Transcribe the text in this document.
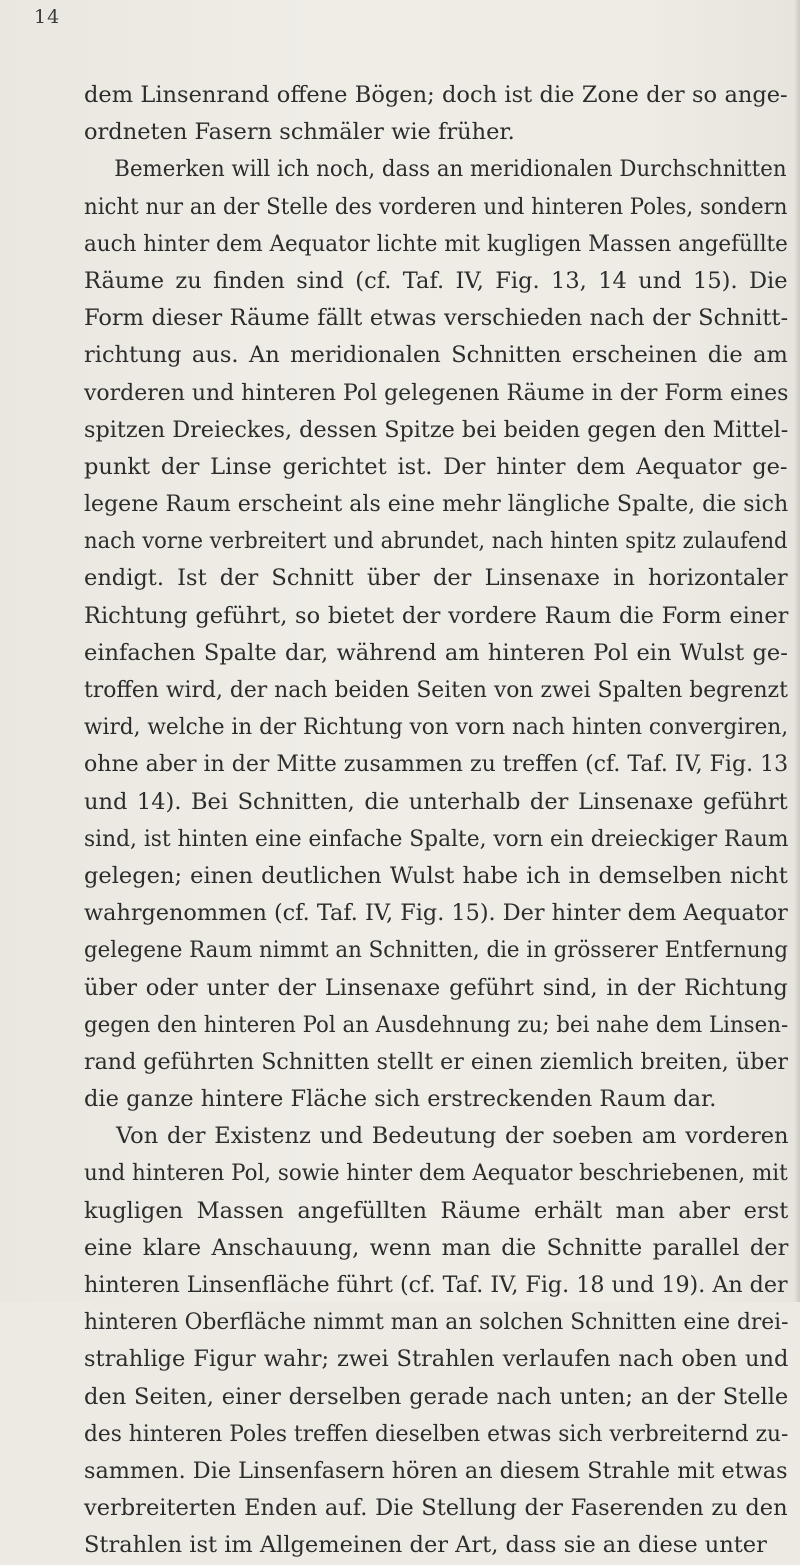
14
dem Linsenrand offene Bögen; doch ist die Zone der so ange-
ordneten Fasern schmäler wie früher.
Bemerken will ich noch, dass an meridionalen Durchschnitten
nicht nur an der Stelle des vorderen und hinteren Poles, sondern
auch hinter dem Aequator lichte mit kugligen Massen angefüllte
Räume zu finden sind (cf. Taf. IV, Fig. 13, 14 und 15). Die
Form dieser Räume fällt etwas verschieden nach der Schnitt-
richtung aus. An meridionalen Schnitten erscheinen die am
vorderen und hinteren Pol gelegenen Räume in der Form eines
spitzen Dreieckes, dessen Spitze bei beiden gegen den Mittel-
punkt der Linse gerichtet ist. Der hinter dem Aequator ge-
legene Raum erscheint als eine mehr längliche Spalte, die sich
nach vorne verbreitert und abrundet, nach hinten spitz zulaufend
endigt. Ist der Schnitt über der Linsenaxe in horizontaler
Richtung geführt, so bietet der vordere Raum die Form einer
einfachen Spalte dar, während am hinteren Pol ein Wulst ge-
troffen wird, der nach beiden Seiten von zwei Spalten begrenzt
wird, welche in der Richtung von vorn nach hinten convergiren,
ohne aber in der Mitte zusammen zu treffen (cf. Taf. IV, Fig. 13
und 14). Bei Schnitten, die unterhalb der Linsenaxe geführt
sind, ist hinten eine einfache Spalte, vorn ein dreieckiger Raum
gelegen; einen deutlichen Wulst habe ich in demselben nicht
wahrgenommen (cf. Taf. IV, Fig. 15). Der hinter dem Aequator
gelegene Raum nimmt an Schnitten, die in grösserer Entfernung
über oder unter der Linsenaxe geführt sind, in der Richtung
gegen den hinteren Pol an Ausdehnung zu; bei nahe dem Linsen-
rand geführten Schnitten stellt er einen ziemlich breiten, über
die ganze hintere Fläche sich erstreckenden Raum dar.
Von der Existenz und Bedeutung der soeben am vorderen
und hinteren Pol, sowie hinter dem Aequator beschriebenen, mit
kugligen Massen angefüllten Räume erhält man aber erst
eine klare Anschauung, wenn man die Schnitte parallel der
hinteren Linsenfläche führt (cf. Taf. IV, Fig. 18 und 19). An der
hinteren Oberfläche nimmt man an solchen Schnitten eine drei-
strahlige Figur wahr; zwei Strahlen verlaufen nach oben und
den Seiten, einer derselben gerade nach unten; an der Stelle
des hinteren Poles treffen dieselben etwas sich verbreiternd zu-
sammen. Die Linsenfasern hören an diesem Strahle mit etwas
verbreiterten Enden auf. Die Stellung der Faserenden zu den
Strahlen ist im Allgemeinen der Art, dass sie an diese unter
